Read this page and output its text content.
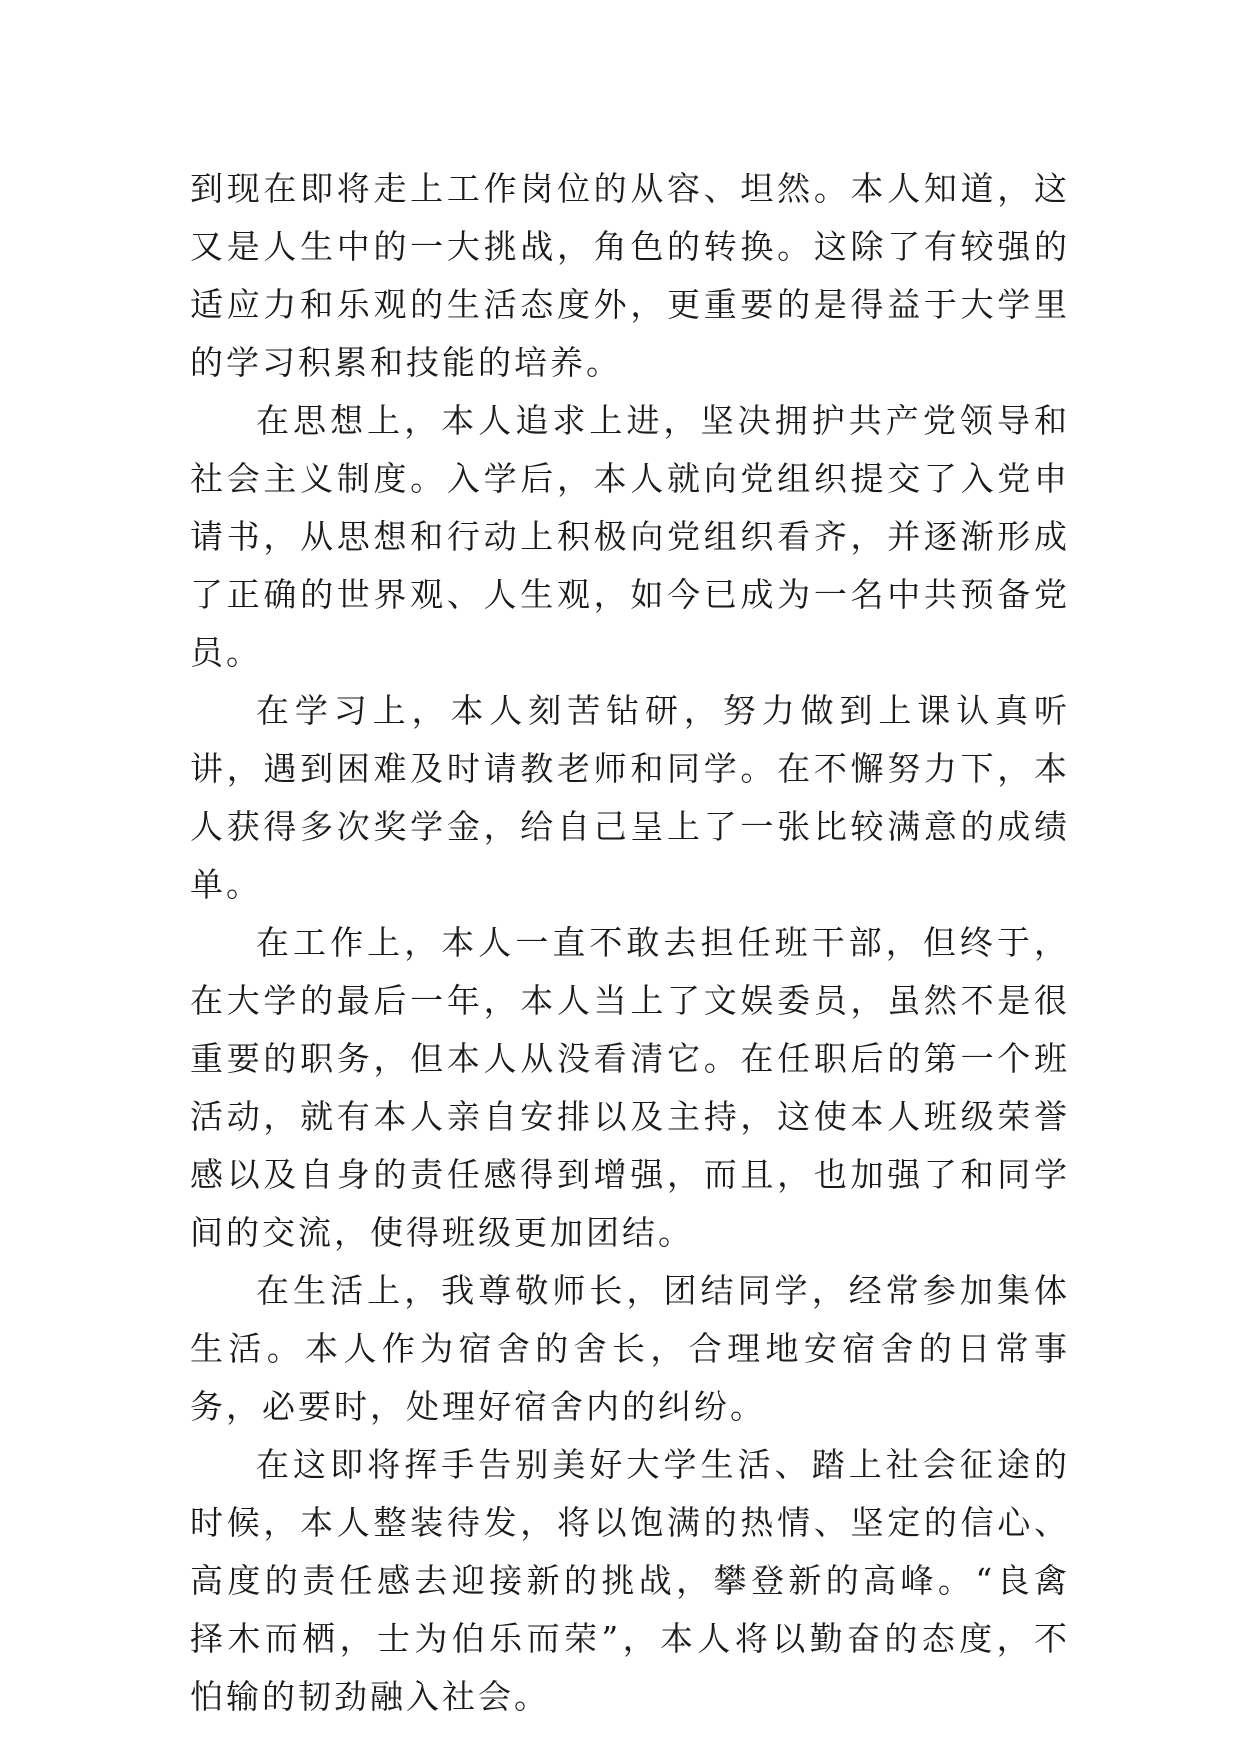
到现在即将走上工作岗位的从容、坦然。本人知道，这又是人生中的一大挑战，角色的转换。这除了有较强的适应力和乐观的生活态度外，更重要的是得益于大学里的学习积累和技能的培养。

在思想上，本人追求上进，坚决拥护共产党领导和社会主义制度。入学后，本人就向党组织提交了入党申请书，从思想和行动上积极向党组织看齐，并逐渐形成了正确的世界观、人生观，如今已成为一名中共预备党员。

在学习上，本人刻苦钻研，努力做到上课认真听讲，遇到困难及时请教老师和同学。在不懈努力下，本人获得多次奖学金，给自己呈上了一张比较满意的成绩单。

在工作上，本人一直不敢去担任班干部，但终于，在大学的最后一年，本人当上了文娱委员，虽然不是很重要的职务，但本人从没看清它。在任职后的第一个班活动，就有本人亲自安排以及主持，这使本人班级荣誉感以及自身的责任感得到增强，而且，也加强了和同学间的交流，使得班级更加团结。

在生活上，我尊敬师长，团结同学，经常参加集体生活。本人作为宿舍的舍长，合理地安宿舍的日常事务，必要时，处理好宿舍内的纠纷。

在这即将挥手告别美好大学生活、踏上社会征途的时候，本人整装待发，将以饱满的热情、坚定的信心、高度的责任感去迎接新的挑战，攀登新的高峰。“良禽择木而栖，士为伯乐而荣”，本人将以勤奋的态度，不怕输的韧劲融入社会。
